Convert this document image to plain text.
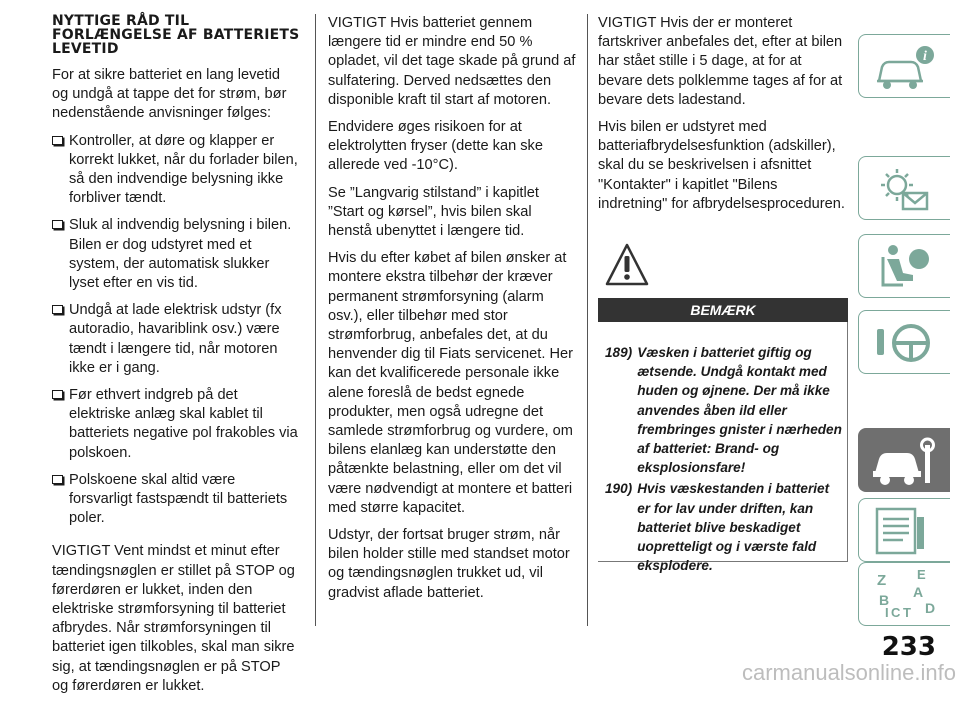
NYTTIGE RÅD TIL FORLÆNGELSE AF BATTERIETS LEVETID

For at sikre batteriet en lang levetid og undgå at tappe det for strøm, bør nedenstående anvisninger følges:

Kontroller, at døre og klapper er korrekt lukket, når du forlader bilen, så den indvendige belysning ikke forbliver tændt.
Sluk al indvendig belysning i bilen. Bilen er dog udstyret med et system, der automatisk slukker lyset efter en vis tid.
Undgå at lade elektrisk udstyr (fx autoradio, havariblink osv.) være tændt i længere tid, når motoren ikke er i gang.
Før ethvert indgreb på det elektriske anlæg skal kablet til batteriets negative pol frakobles via polskoen.
Polskoene skal altid være forsvarligt fastspændt til batteriets poler.

VIGTIGT Vent mindst et minut efter tændingsnøglen er stillet på STOP og førerdøren er lukket, inden den elektriske strømforsyning til batteriet afbrydes. Når strømforsyningen til batteriet igen tilkobles, skal man sikre sig, at tændingsnøglen er på STOP og førerdøren er lukket.

VIGTIGT Hvis batteriet gennem længere tid er mindre end 50 % opladet, vil det tage skade på grund af sulfatering. Derved nedsættes den disponible kraft til start af motoren.

Endvidere øges risikoen for at elektrolytten fryser (dette kan ske allerede ved -10°C).

Se ”Langvarig stilstand” i kapitlet ”Start og kørsel”, hvis bilen skal henstå ubenyttet i længere tid.

Hvis du efter købet af bilen ønsker at montere ekstra tilbehør der kræver permanent strømforsyning (alarm osv.), eller tilbehør med stor strømforbrug, anbefales det, at du henvender dig til Fiats servicenet. Her kan det kvalificerede personale ikke alene foreslå de bedst egnede produkter, men også udregne det samlede strømforbrug og vurdere, om bilens elanlæg kan understøtte den påtænkte belastning, eller om det vil være nødvendigt at montere et batteri med større kapacitet.

Udstyr, der fortsat bruger strøm, når bilen holder stille med standset motor og tændingsnøglen trukket ud, vil gradvist aflade batteriet.

VIGTIGT Hvis der er monteret fartskriver anbefales det, efter at bilen har stået stille i 5 dage, at for at bevare dets polklemme tages af for at bevare dets ladestand.

Hvis bilen er udstyret med batteriafbrydelsesfunktion (adskiller), skal du se beskrivelsen i afsnittet "Kontakter" i kapitlet "Bilens indretning" for afbrydelsesproceduren.

BEMÆRK
189) Væsken i batteriet giftig og ætsende. Undgå kontakt med huden og øjnene. Der må ikke anvendes åben ild eller frembringes gnister i nærheden af batteriet: Brand- og eksplosionsfare!
190) Hvis væskestanden i batteriet er for lav under driften, kan batteriet blive beskadiget uopretteligt og i værste fald eksplodere.
i
Z E
A
B
C T D
I
233
carmanualsonline.info
